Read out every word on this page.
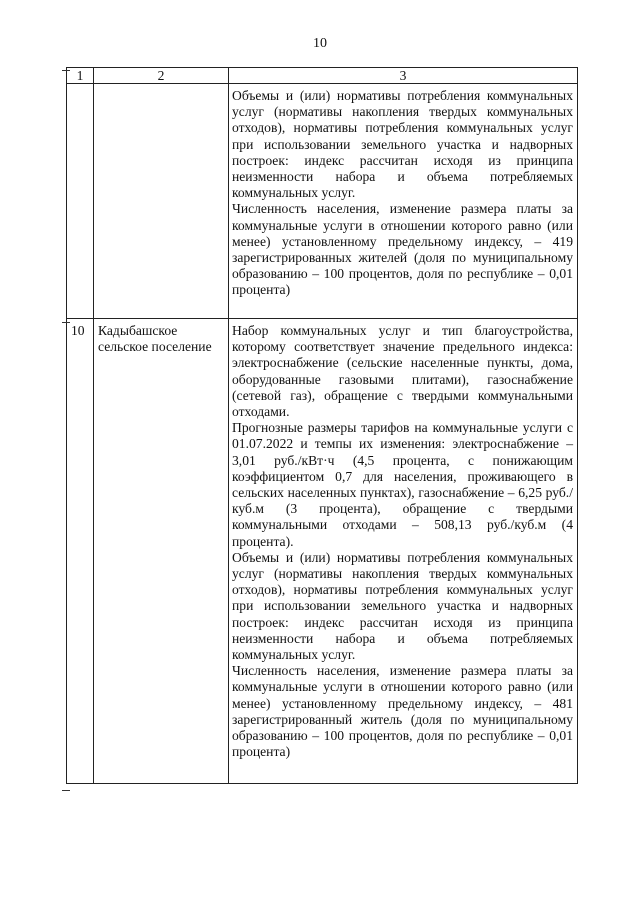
10
1	2	3

		Объемы и (или) нормативы потребления коммунальных услуг (нормативы накопления твердых коммунальных отходов), нормативы потребления коммунальных услуг при использовании земельного участка и надворных построек: индекс рассчитан исходя из принципа неизменности набора и объема потребляемых коммунальных услуг.

Численность населения, изменение размера платы за коммунальные услуги в отношении которого равно (или менее) установленному предельному индексу, – 419 зарегистрированных жителей (доля по муниципальному образованию – 100 процентов, доля по республике – 0,01 процента)

10	Кадыбашское сельское поселение	Набор коммунальных услуг и тип благоустройства, которому соответствует значение предельного индекса: электроснабжение (сельские населенные пункты, дома, оборудованные газовыми плитами), газоснабжение (сетевой газ), обращение с твердыми коммунальными отходами.

Прогнозные размеры тарифов на коммунальные услуги с 01.07.2022 и темпы их изменения: электроснабжение – 3,01 руб./кВт·ч (4,5 процента, с понижающим коэффициентом 0,7 для населения, проживающего в сельских населенных пунктах), газоснабжение – 6,25 руб./куб.м (3 процента), обращение с твердыми коммунальными отходами – 508,13 руб./куб.м (4 процента).

Объемы и (или) нормативы потребления коммунальных услуг (нормативы накопления твердых коммунальных отходов), нормативы потребления коммунальных услуг при использовании земельного участка и надворных построек: индекс рассчитан исходя из принципа неизменности набора и объема потребляемых коммунальных услуг.

Численность населения, изменение размера платы за коммунальные услуги в отношении которого равно (или менее) установленному предельному индексу, – 481 зарегистрированный житель (доля по муниципальному образованию – 100 процентов, доля по республике – 0,01 процента)
